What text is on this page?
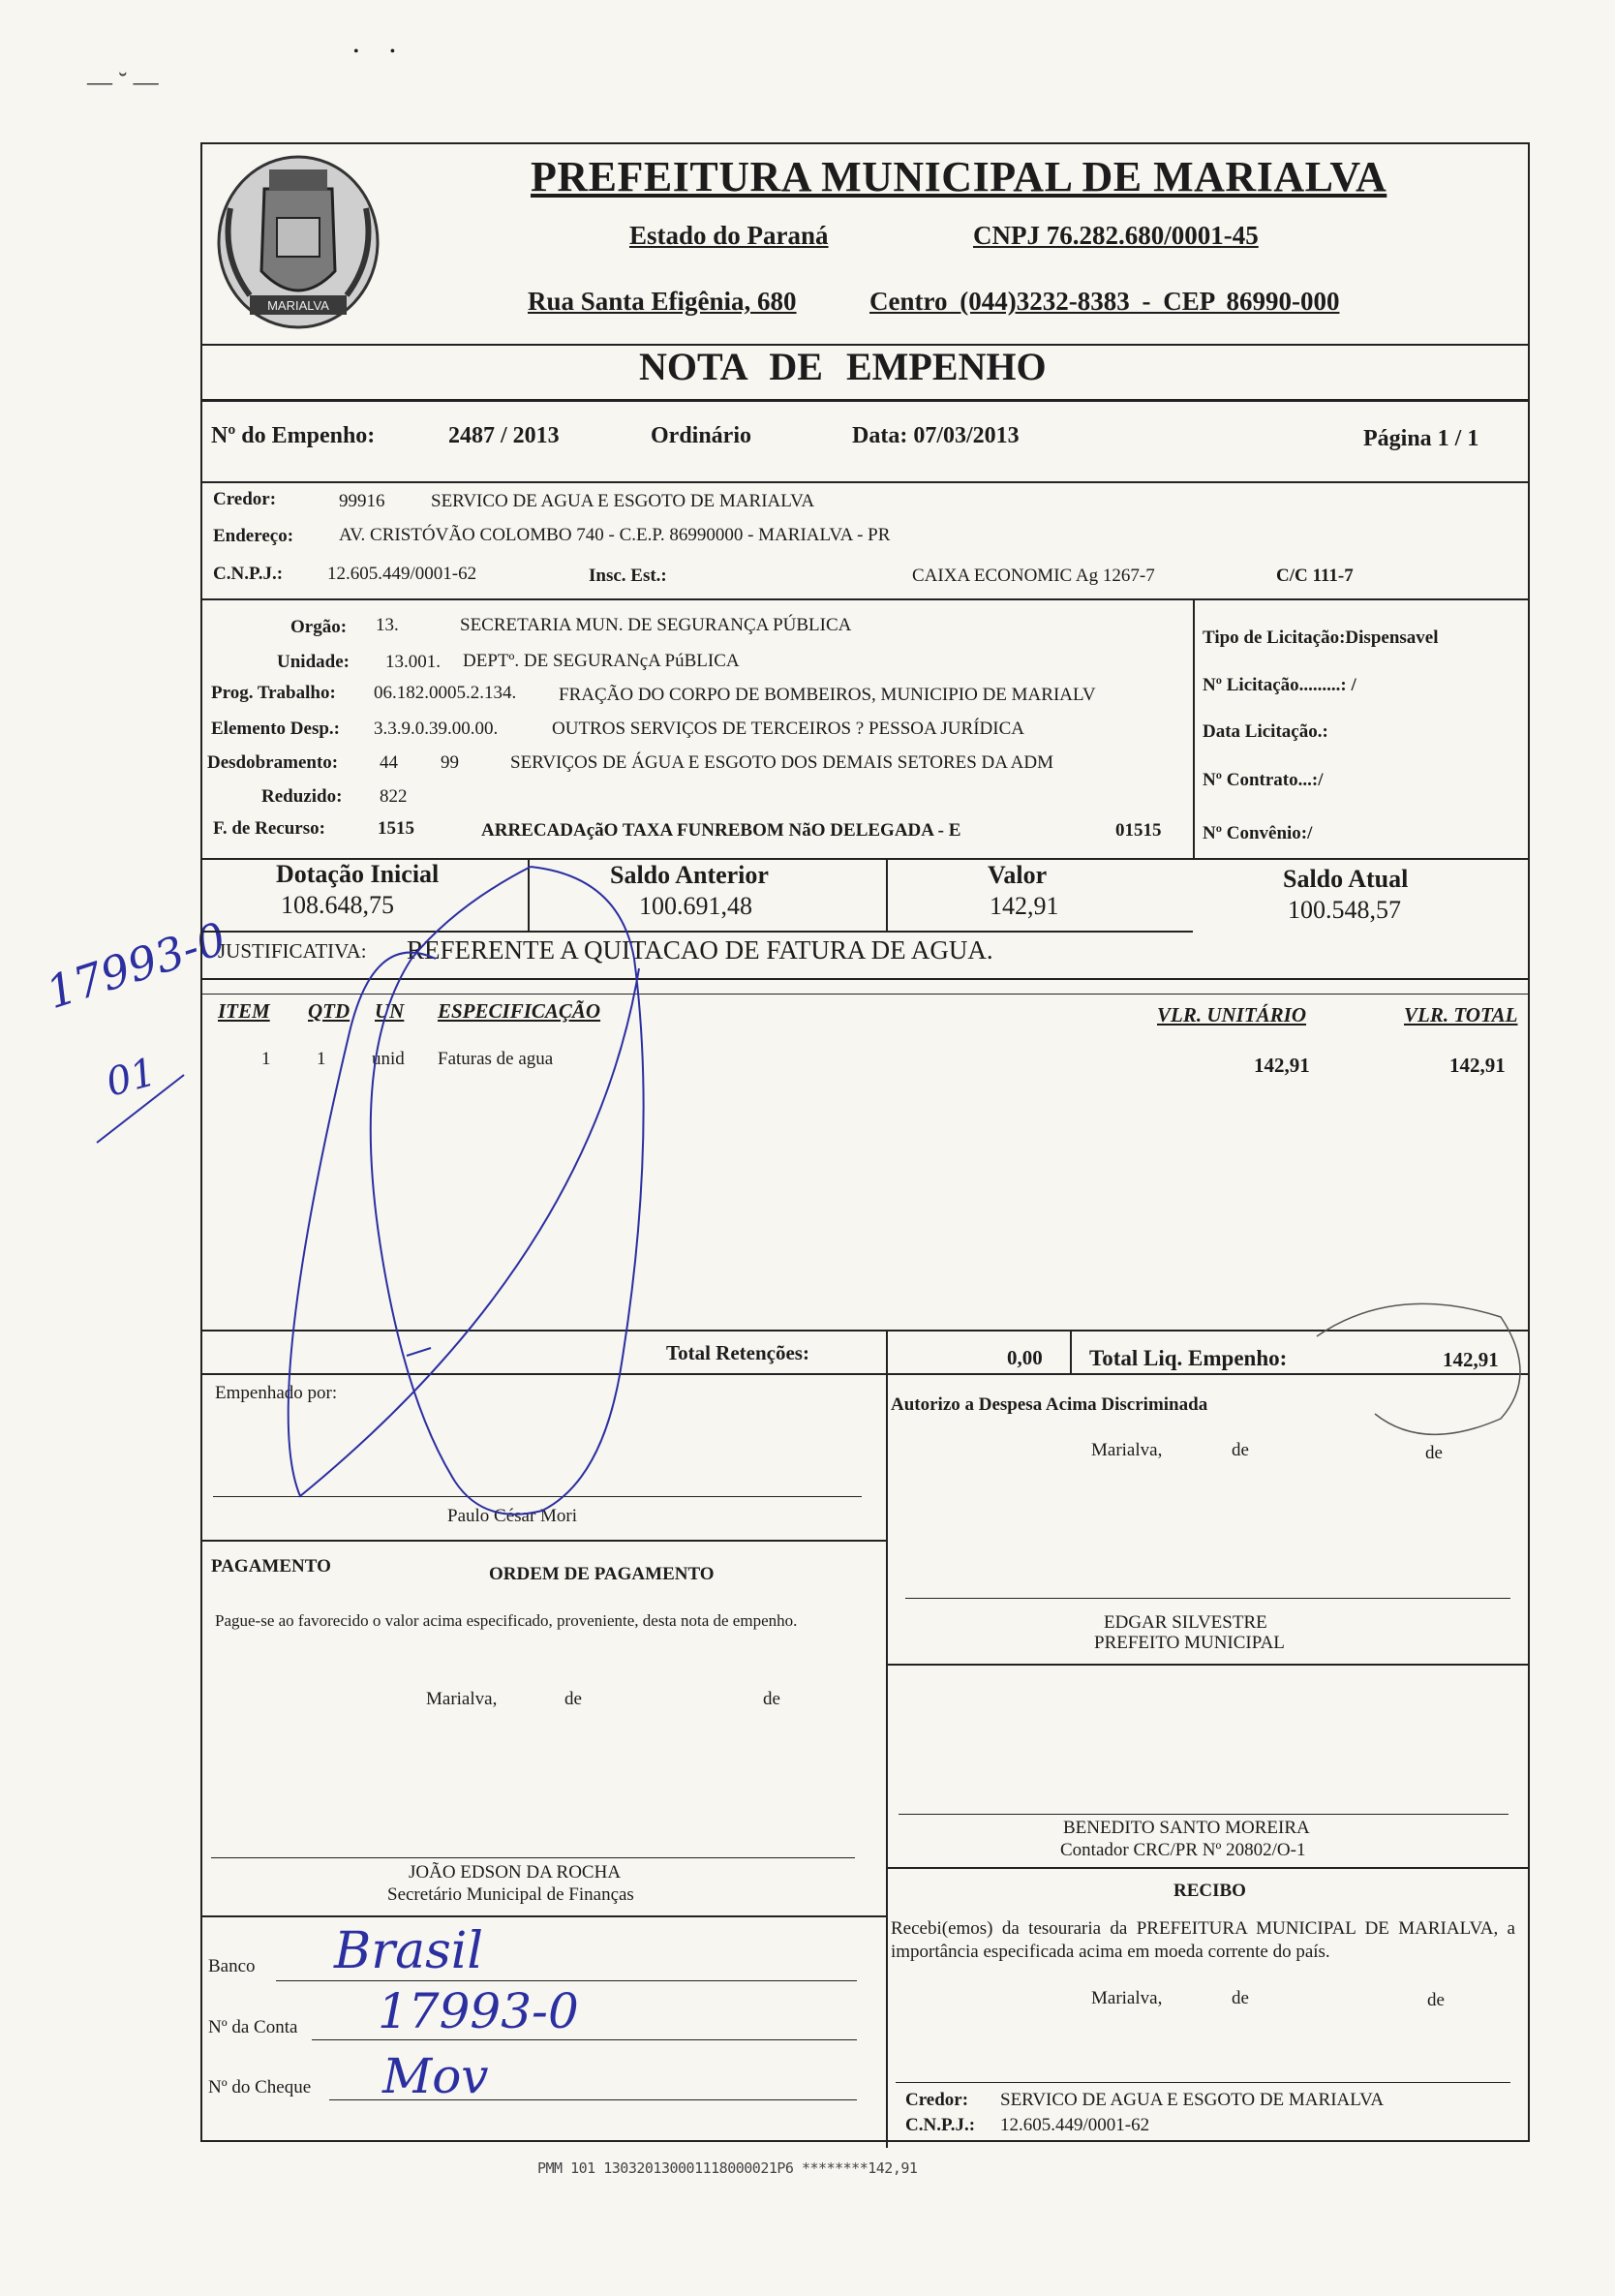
— ˘ —
•        •
17993-0
01
MARIALVA
PREFEITURA MUNICIPAL DE MARIALVA
Estado do Paraná	CNPJ 76.282.680/0001-45
Rua Santa Efigênia, 680	Centro (044)3232-8383 - CEP 86990-000
NOTA DE EMPENHO
Nº do Empenho:	2487 / 2013	Ordinário	Data: 07/03/2013	Página 1 / 1
Credor:	99916	SERVICO DE AGUA E ESGOTO DE MARIALVA
Endereço: AV. CRISTÓVÃO COLOMBO 740 - C.E.P. 86990000 - MARIALVA - PR
C.N.P.J.: 12.605.449/0001-62	Insc. Est.:	CAIXA ECONOMIC Ag 1267-7	C/C 111-7
Orgão: 13.	SECRETARIA MUN. DE SEGURANÇA PÚBLICA
Unidade: 13.001. DEPTº. DE SEGURANçA PúBLICA
Prog. Trabalho: 06.182.0005.2.134. FRAÇÃO DO CORPO DE BOMBEIROS, MUNICIPIO DE MARIALV
Elemento Desp.: 3.3.9.0.39.00.00.	OUTROS SERVIÇOS DE TERCEIROS ? PESSOA JURÍDICA
Desdobramento: 44 99	SERVIÇOS DE ÁGUA E ESGOTO DOS DEMAIS SETORES DA ADM
Reduzido: 822
F. de Recurso:	1515	ARRECADAçãO TAXA FUNREBOM NãO DELEGADA - E	01515
Tipo de Licitação:Dispensavel
Nº Licitação.........: /
Data Licitação.:
Nº Contrato...:/
Nº Convênio:/
Dotação Inicial
108.648,75
Saldo Anterior
100.691,48
Valor
142,91
Saldo Atual
100.548,57
JUSTIFICATIVA: REFERENTE A QUITACAO DE FATURA DE AGUA.
ITEM QTD UN ESPECIFICAÇÃO	VLR. UNITÁRIO	VLR. TOTAL
1	1	unid Faturas de agua	142,91	142,91
Total Retenções:	0,00 Total Liq. Empenho:	142,91
Empenhado por:
Paulo César Mori
Autorizo a Despesa Acima Discriminada
Marialva,	de	de
PAGAMENTO	ORDEM DE PAGAMENTO
Pague-se ao favorecido o valor acima especificado, proveniente, desta nota de empenho.
Marialva,	de	de
EDGAR SILVESTRE
PREFEITO MUNICIPAL
BENEDITO SANTO MOREIRA
Contador CRC/PR Nº 20802/O-1
JOÃO EDSON DA ROCHA
Secretário Municipal de Finanças	RECIBO
Recebi(emos) da tesouraria da PREFEITURA MUNICIPAL DE MARIALVA, a importância especificada acima em moeda corrente do país.
Marialva,	de	de
Credor: SERVICO DE AGUA E ESGOTO DE MARIALVA
C.N.P.J.: 12.605.449/0001-62
Banco Brasil
Nº da Conta 17993-0
Nº do Cheque Mov
PMM 101 130320130001118000021P6 ********142,91
